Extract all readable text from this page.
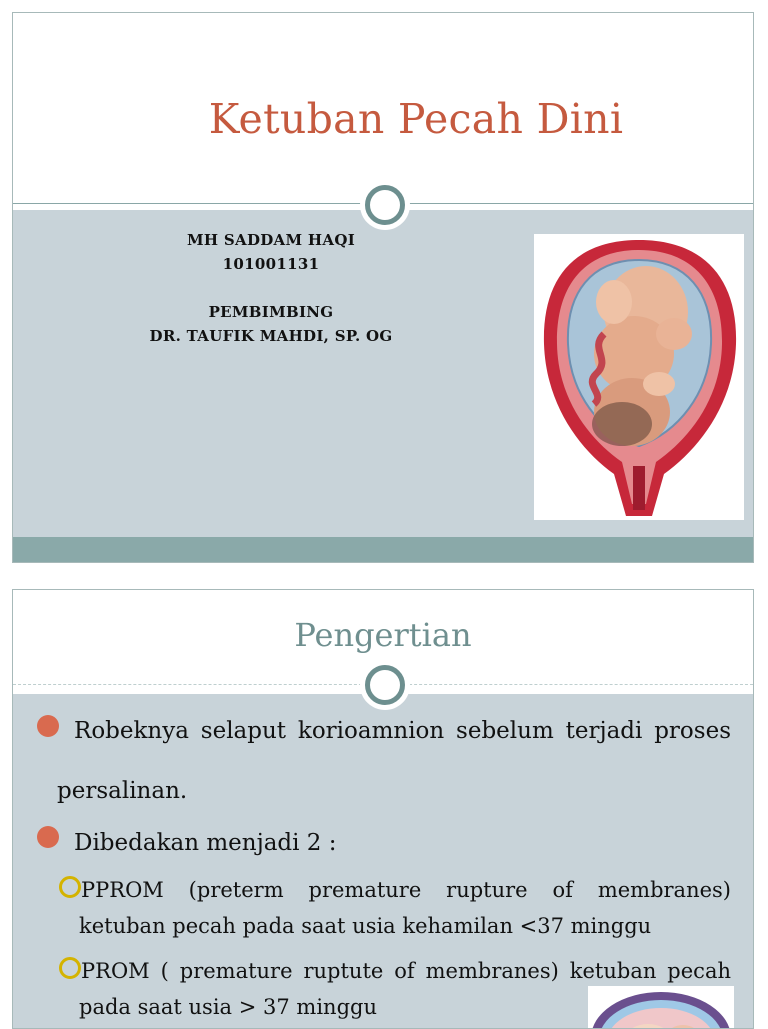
Ketuban Pecah Dini
MH SADDAM HAQI
101001131
PEMBIMBING
DR. TAUFIK MAHDI, SP. OG
Pengertian
Robeknya selaput korioamnion sebelum terjadi proses
persalinan.
Dibedakan menjadi 2 :
PPROM (preterm premature rupture of membranes)
ketuban pecah pada saat usia kehamilan <37 minggu
PROM ( premature ruptute of membranes) ketuban pecah
pada saat usia > 37 minggu
